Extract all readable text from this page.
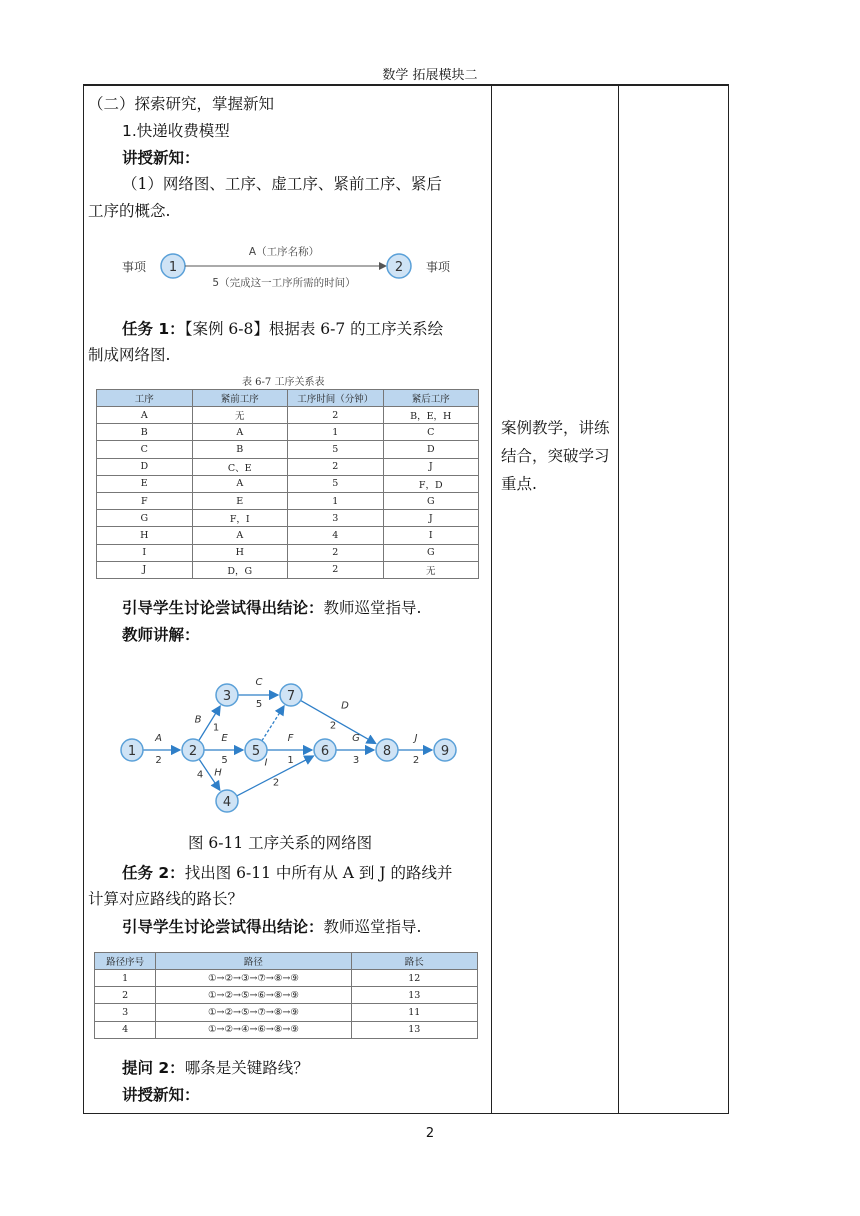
数学 拓展模块二
（二）探索研究，掌握新知
1.快递收费模型
讲授新知：
（1）网络图、工序、虚工序、紧前工序、紧后
工序的概念.
事项 1	2 事项
A（工序名称）
5（完成这一工序所需的时间）
任务 1：【案例 6-8】根据表 6-7 的工序关系绘
制成网络图.
表 6-7 工序关系表
工序	紧前工序	工序时间（分钟）	紧后工序
A	无	2	B，E，H
B	A	1	C
C	B	5	D
D	C、E	2	J
E	A	5	F，D
F	E	1	G
G	F，I	3	J
H	A	4	I
I	H	2	G
J	D，G	2	无
引导学生讨论尝试得出结论：教师巡堂指导.
教师讲解：
A
2
B
1
C
5	D
2
E
5
F
1
G
3
H
4
I
2
J
2
1	2
3
4
5	6
7
8	9
图 6-11 工序关系的网络图
任务 2：找出图 6-11 中所有从 A 到 J 的路线并
计算对应路线的路长？
引导学生讨论尝试得出结论：教师巡堂指导.
路径序号	路径	路长
1	①→②→③→⑦→⑧→⑨	12
2	①→②→⑤→⑥→⑧→⑨	13
3	①→②→⑤→⑦→⑧→⑨	11
4	①→②→④→⑥→⑧→⑨	13
提问 2：哪条是关键路线？
讲授新知：
案例教学，讲练结合，突破学习重点.
2
